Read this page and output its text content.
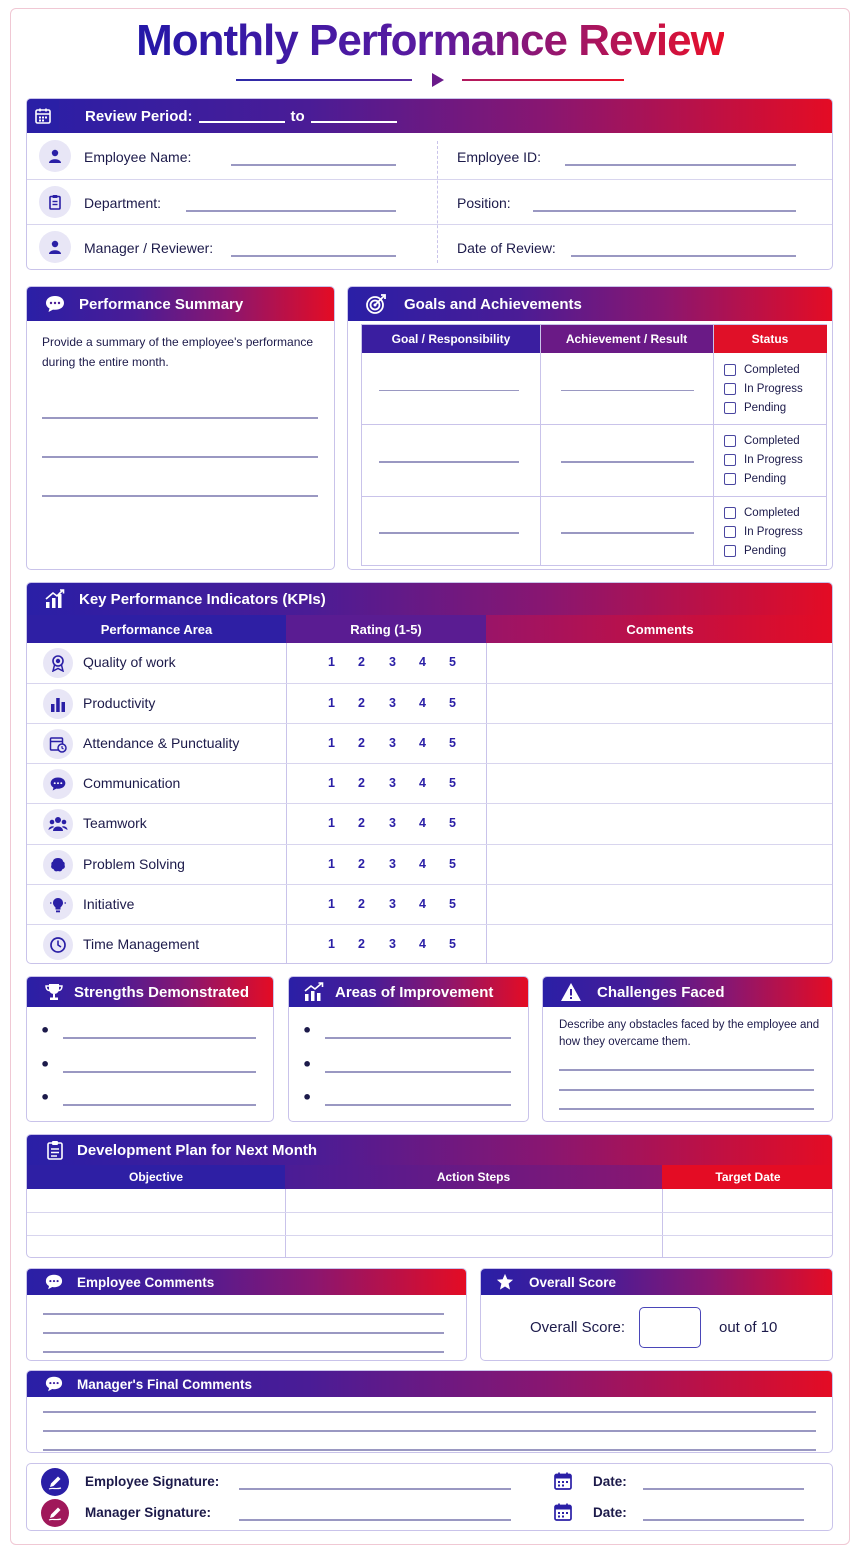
Monthly Performance Review
Review Period:	to
Employee Name:	Employee ID:
Department:	Position:
Manager / Reviewer:	Date of Review:
Performance Summary
Provide a summary of the employee's performance during the entire month.
Goals and Achievements
Goal / Responsibility	Achievement / Result	Status
Completed
In Progress
Pending
Completed
In Progress
Pending
Completed
In Progress
Pending
Key Performance Indicators (KPIs)
Performance Area	Rating (1-5)	Comments
Quality of work	1 2 3 4 5
Productivity	1 2 3 4 5
Attendance & Punctuality	1 2 3 4 5
Communication	1 2 3 4 5
Teamwork	1 2 3 4 5
Problem Solving	1 2 3 4 5
Initiative	1 2 3 4 5
Time Management	1 2 3 4 5
Strengths Demonstrated
•
•
•
Areas of Improvement
•
•
•
Challenges Faced
Describe any obstacles faced by the employee and how they overcame them.
Development Plan for Next Month
Objective	Action Steps	Target Date
Employee Comments	Overall Score
Overall Score:	out of 10
Manager's Final Comments
Employee Signature:	Date:
Manager Signature:	Date:
